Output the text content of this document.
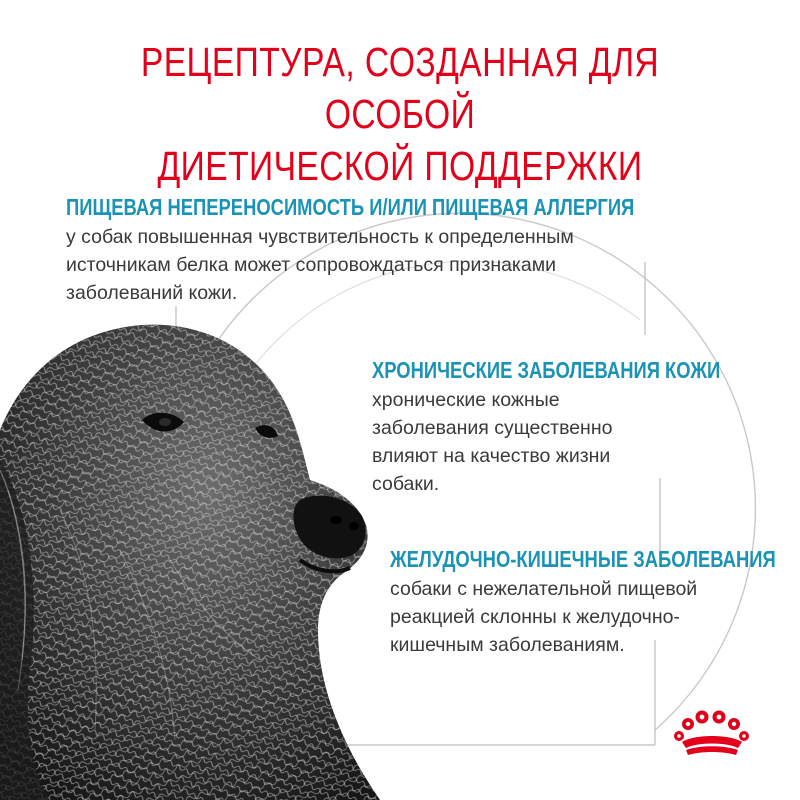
РЕЦЕПТУРА, СОЗДАННАЯ ДЛЯ ОСОБОЙ
ДИЕТИЧЕСКОЙ ПОДДЕРЖКИ
ПИЩЕВАЯ НЕПЕРЕНОСИМОСТЬ И/ИЛИ ПИЩЕВАЯ АЛЛЕРГИЯ
у собак повышенная чувствительность к определенным
источникам белка может сопровождаться признаками
заболеваний кожи.
ХРОНИЧЕСКИЕ ЗАБОЛЕВАНИЯ КОЖИ
хронические кожные
заболевания существенно
влияют на качество жизни
собаки.
ЖЕЛУДОЧНО-КИШЕЧНЫЕ ЗАБОЛЕВАНИЯ
собаки с нежелательной пищевой
реакцией склонны к желудочно-
кишечным заболеваниям.
